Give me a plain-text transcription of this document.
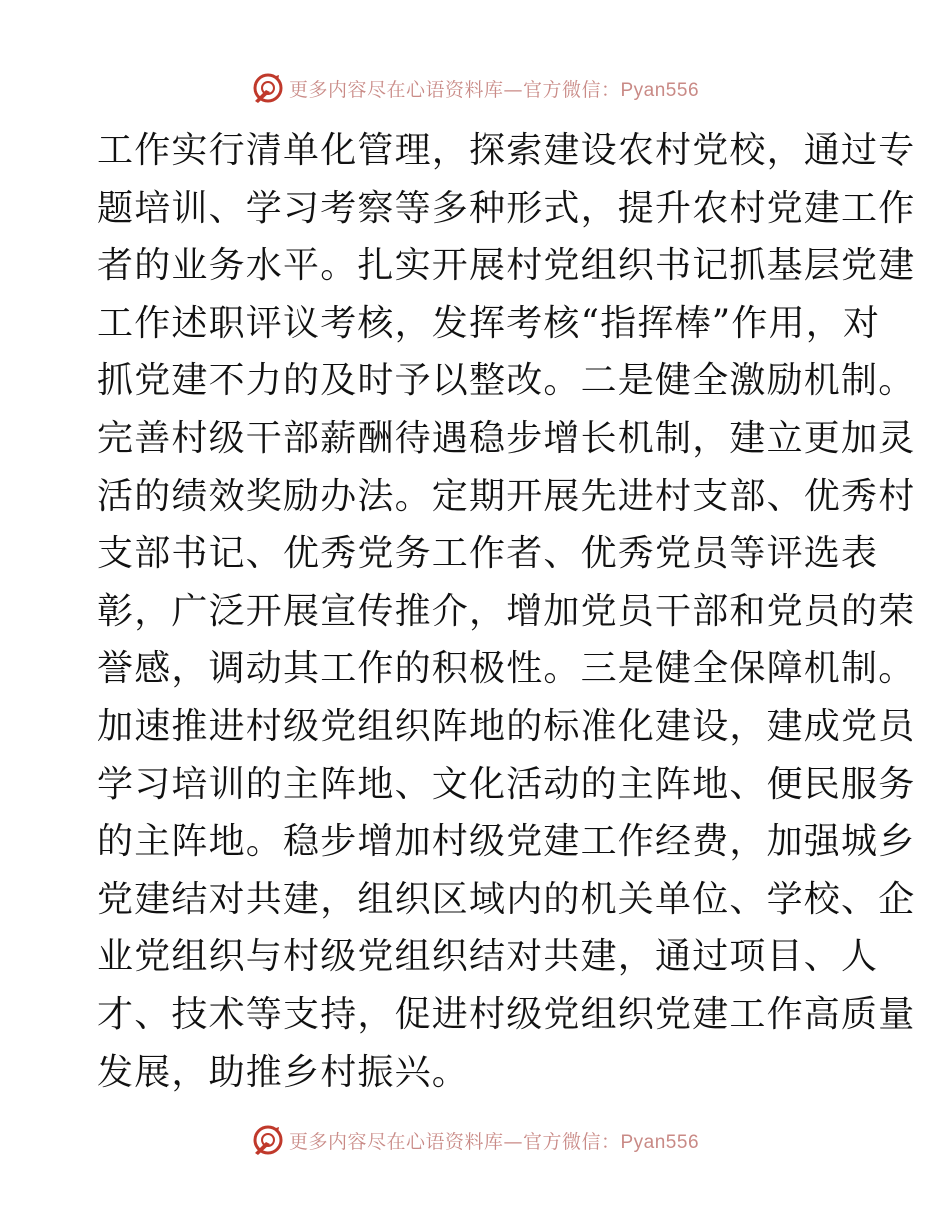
更多内容尽在心语资料库—官方微信：Pyan556
工作实行清单化管理，探索建设农村党校，通过专
题培训、学习考察等多种形式，提升农村党建工作
者的业务水平。扎实开展村党组织书记抓基层党建
工作述职评议考核，发挥考核“指挥棒”作用，对
抓党建不力的及时予以整改。二是健全激励机制。
完善村级干部薪酬待遇稳步增长机制，建立更加灵
活的绩效奖励办法。定期开展先进村支部、优秀村
支部书记、优秀党务工作者、优秀党员等评选表
彰，广泛开展宣传推介，增加党员干部和党员的荣
誉感，调动其工作的积极性。三是健全保障机制。
加速推进村级党组织阵地的标准化建设，建成党员
学习培训的主阵地、文化活动的主阵地、便民服务
的主阵地。稳步增加村级党建工作经费，加强城乡
党建结对共建，组织区域内的机关单位、学校、企
业党组织与村级党组织结对共建，通过项目、人
才、技术等支持，促进村级党组织党建工作高质量
发展，助推乡村振兴。
更多内容尽在心语资料库—官方微信：Pyan556
